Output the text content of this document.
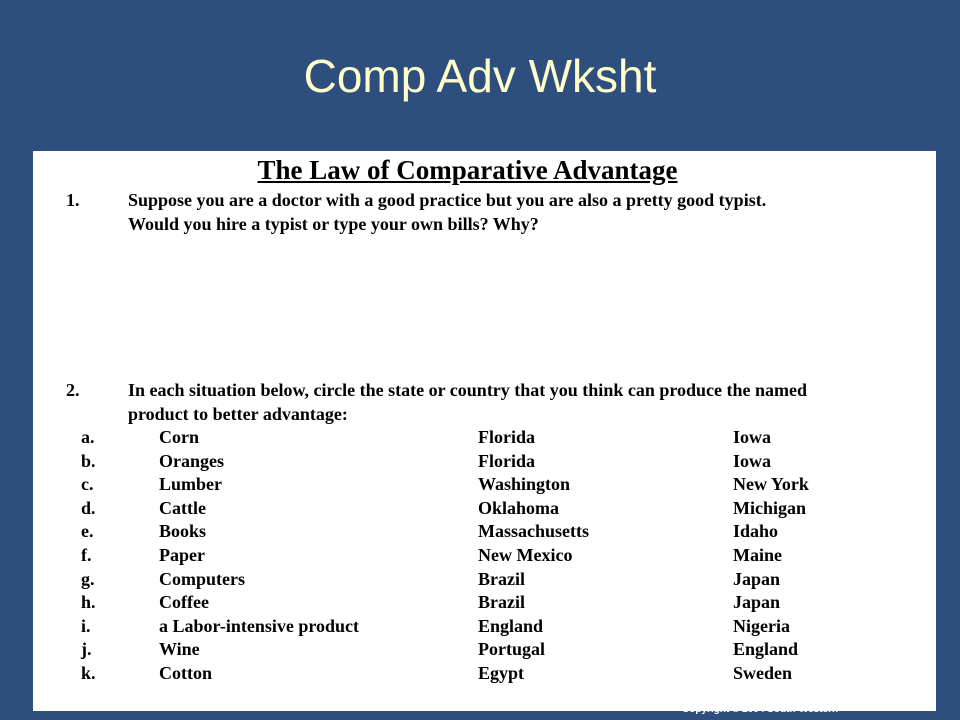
Comp Adv Wksht
The Law of Comparative Advantage
1.	Suppose you are a doctor with a good practice but you are also a pretty good typist.
Would you hire a typist or type your own bills? Why?
2.	In each situation below, circle the state or country that you think can produce the named
product to better advantage:
a.	Corn	Florida	Iowa
b.	Oranges	Florida	Iowa
c.	Lumber	Washington	New York
d.	Cattle	Oklahoma	Michigan
e.	Books	Massachusetts	Idaho
f.	Paper	New Mexico	Maine
g.	Computers	Brazil	Japan
h.	Coffee	Brazil	Japan
i.	a Labor-intensive product	England	Nigeria
j.	Wine	Portugal	England
k.	Cotton	Egypt	Sweden
Copyright © 2004 South-Western
